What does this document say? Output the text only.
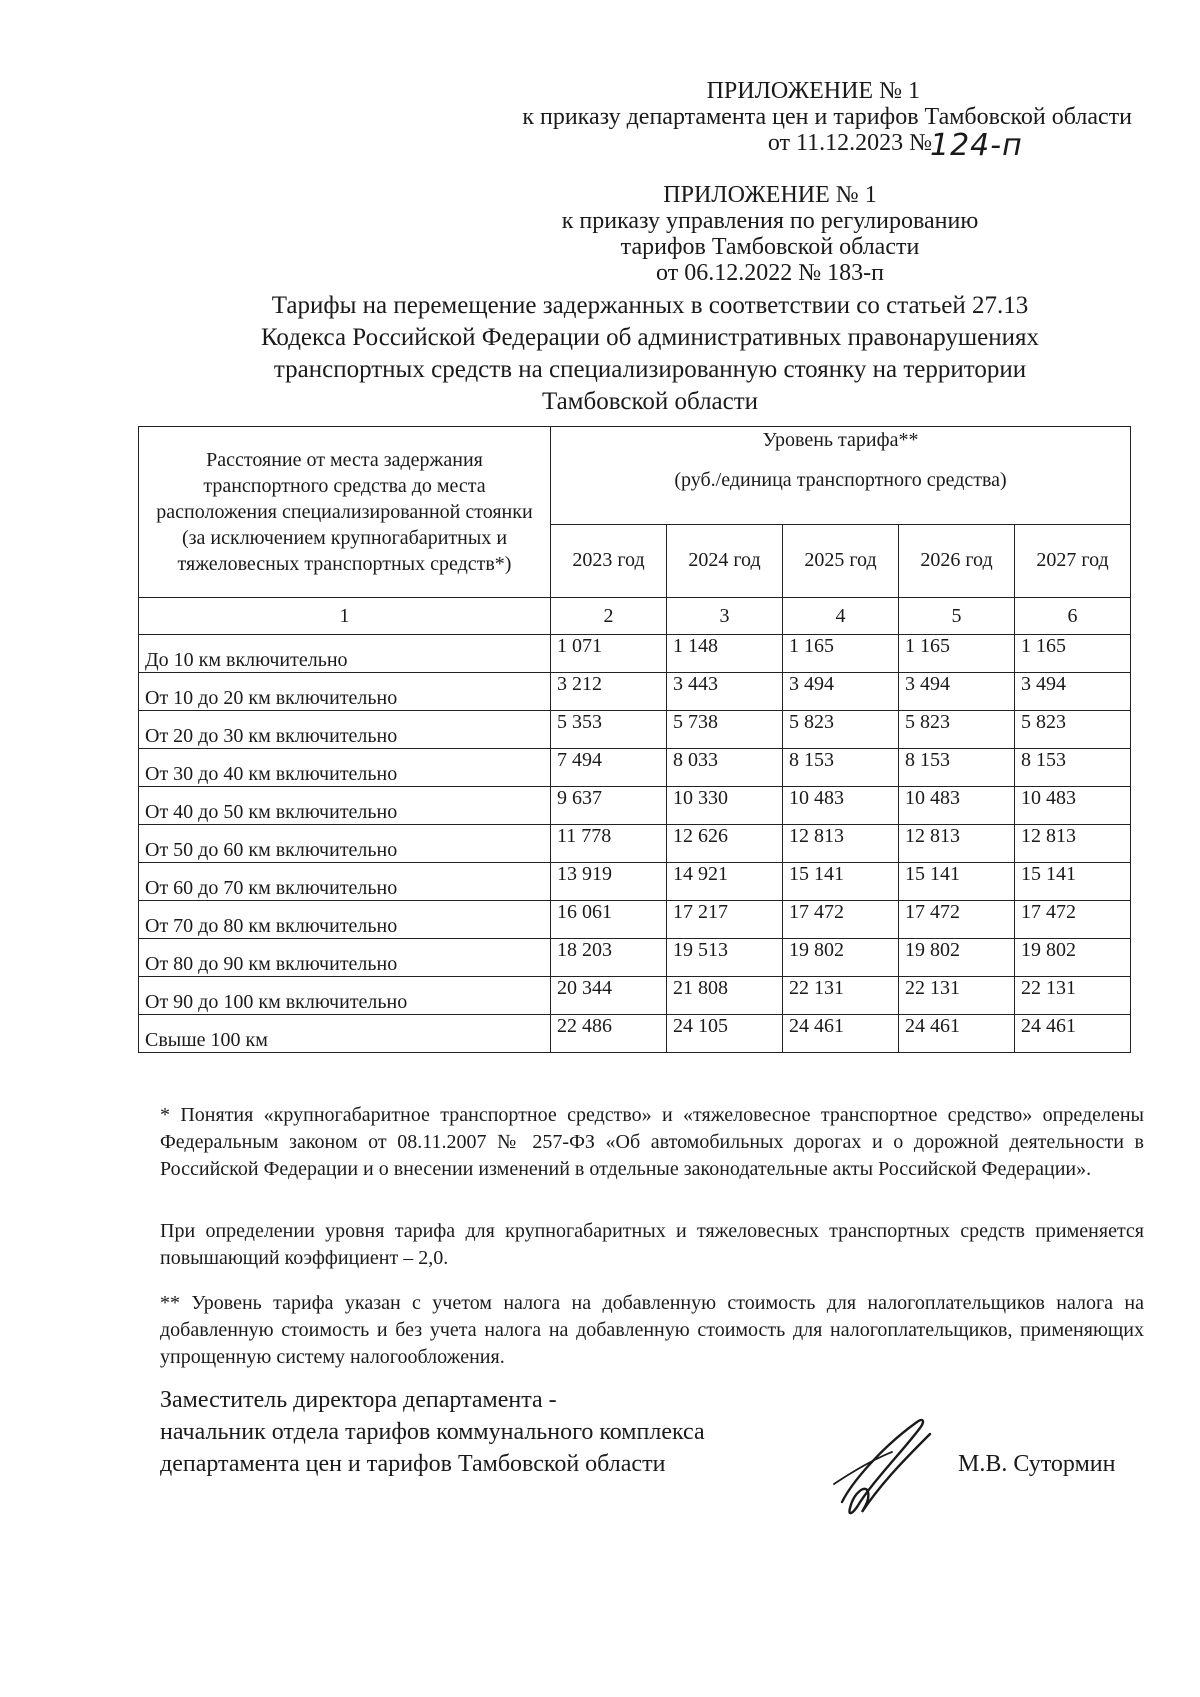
ПРИЛОЖЕНИЕ № 1
к приказу департамента цен и тарифов Тамбовской области
от 11.12.2023 №
124-п
ПРИЛОЖЕНИЕ № 1
к приказу управления по регулированию
тарифов Тамбовской области
от 06.12.2022 № 183-п
Тарифы на перемещение задержанных в соответствии со статьей 27.13
Кодекса Российской Федерации об административных правонарушениях
транспортных средств на специализированную стоянку на территории
Тамбовской области
Расстояние от места задержания транспортного средства до места расположения специализированной стоянки (за исключением крупногабаритных и тяжеловесных транспортных средств*)	Уровень тарифа**
(руб./единица транспортного средства)				

	2023 год	2024 год	2025 год	2026 год	2027 год
1	2	3	4	5	6
До 10 км включительно	1 071	1 148	1 165	1 165	1 165
От 10 до 20 км включительно	3 212	3 443	3 494	3 494	3 494
От 20 до 30 км включительно	5 353	5 738	5 823	5 823	5 823
От 30 до 40 км включительно	7 494	8 033	8 153	8 153	8 153
От 40 до 50 км включительно	9 637	10 330	10 483	10 483	10 483
От 50 до 60 км включительно	11 778	12 626	12 813	12 813	12 813
От 60 до 70 км включительно	13 919	14 921	15 141	15 141	15 141
От 70 до 80 км включительно	16 061	17 217	17 472	17 472	17 472
От 80 до 90 км включительно	18 203	19 513	19 802	19 802	19 802
От 90 до 100 км включительно	20 344	21 808	22 131	22 131	22 131
Свыше 100 км	22 486	24 105	24 461	24 461	24 461
* Понятия «крупногабаритное транспортное средство» и «тяжеловесное транспортное средство» определены Федеральным законом от 08.11.2007 № 257-ФЗ «Об автомобильных дорогах и о дорожной деятельности в Российской Федерации и о внесении изменений в отдельные законодательные акты Российской Федерации».
При определении уровня тарифа для крупногабаритных и тяжеловесных транспортных средств применяется повышающий коэффициент – 2,0.
** Уровень тарифа указан с учетом налога на добавленную стоимость для налогоплательщиков налога на добавленную стоимость и без учета налога на добавленную стоимость для налогоплательщиков, применяющих упрощенную систему налогообложения.
Заместитель директора департамента -
начальник отдела тарифов коммунального комплекса
департамента цен и тарифов Тамбовской области	М.В. Сутормин
